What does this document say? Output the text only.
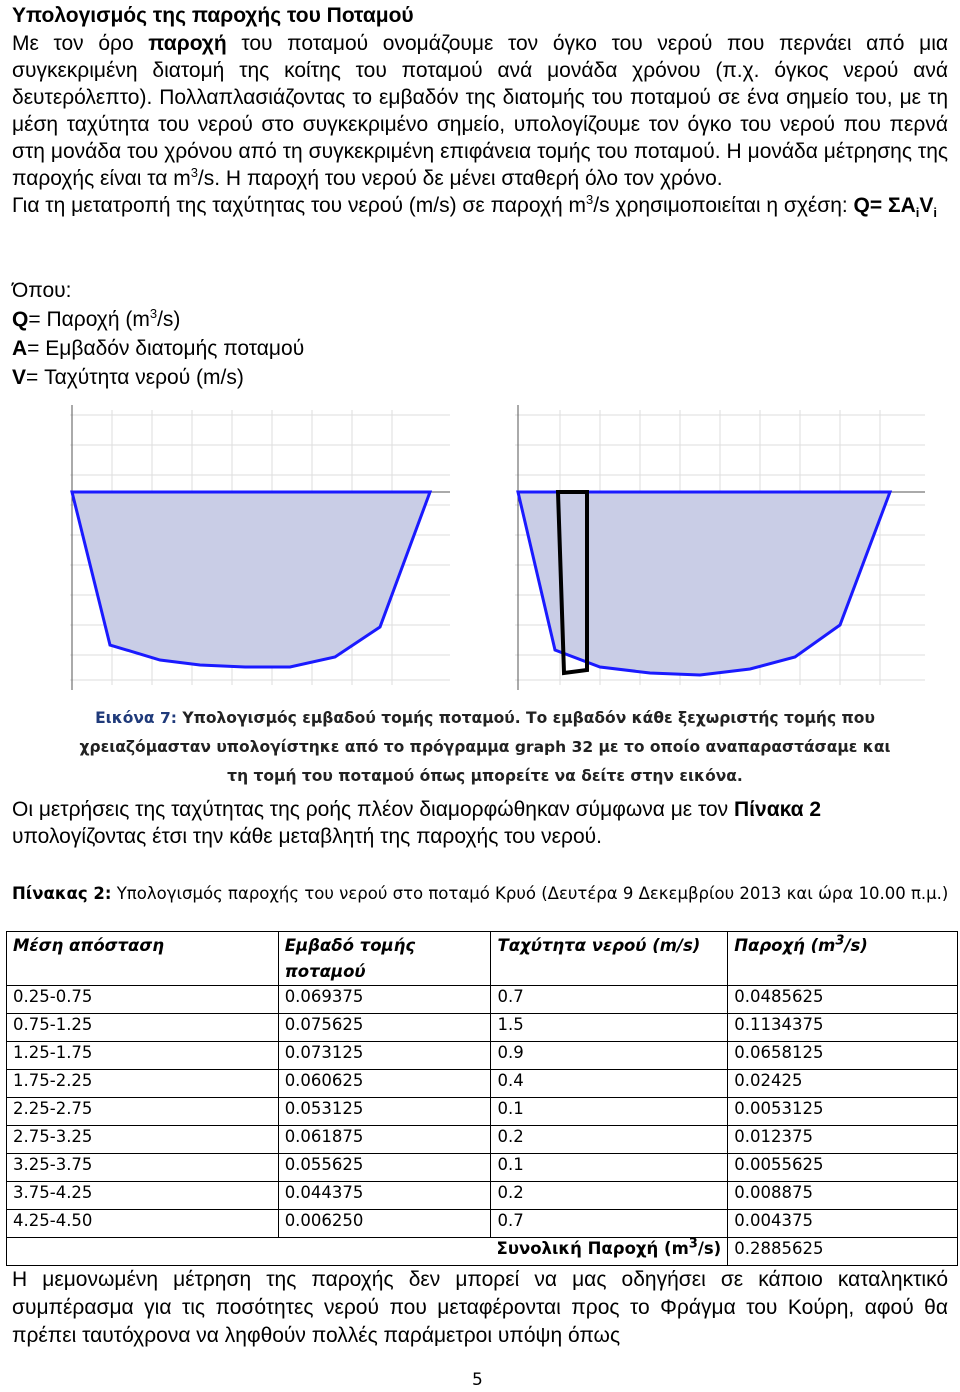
Υπολογισμός της παροχής του Ποταμού

Με τον όρο παροχή του ποταμού ονομάζουμε τον όγκο του νερού που περνάει από μια συγκεκριμένη διατομή της κοίτης του ποταμού ανά μονάδα χρόνου (π.χ. όγκος νερού ανά δευτερόλεπτο). Πολλαπλασιάζοντας το εμβαδόν της διατομής του ποταμού σε ένα σημείο του, με τη μέση ταχύτητα του νερού στο συγκεκριμένο σημείο, υπολογίζουμε τον όγκο του νερού που περνά στη μονάδα του χρόνου από τη συγκεκριμένη επιφάνεια τομής του ποταμού. Η μονάδα μέτρησης της παροχής είναι τα $m^3/s$. Η παροχή του νερού δε μένει σταθερή όλο τον χρόνο.

Για τη μετατροπή της ταχύτητας του νερού (m/s) σε παροχή $m^3/s$ χρησιμοποιείται η σχέση: $Q= \Sigma A_iV_i$

Όπου:
Q= Παροχή $(m^3/s)$
A= Εμβαδόν διατομής ποταμού
V= Ταχύτητα νερού (m/s)
Εικόνα 7: Υπολογισμός εμβαδού τομής ποταμού. Το εμβαδόν κάθε ξεχωριστής τομής που χρειαζόμασταν υπολογίστηκε από το πρόγραμμα graph 32 με το οποίο αναπαραστάσαμε και τη τομή του ποταμού όπως μπορείτε να δείτε στην εικόνα.
Οι μετρήσεις της ταχύτητας της ροής πλέον διαμορφώθηκαν σύμφωνα με τον Πίνακα 2 υπολογίζοντας έτσι την κάθε μεταβλητή της παροχής του νερού.
Πίνακας 2: Υπολογισμός παροχής του νερού στο ποταμό Κρυό (Δευτέρα 9 Δεκεμβρίου 2013 και ώρα 10.00 π.μ.)
Μέση απόσταση	Εμβαδό τομής ποταμού	Ταχύτητα νερού (m/s)	Παροχή $(m^3/s)$
0.25-0.75	0.069375	0.7	0.0485625
0.75-1.25	0.075625	1.5	0.1134375
1.25-1.75	0.073125	0.9	0.0658125
1.75-2.25	0.060625	0.4	0.02425
2.25-2.75	0.053125	0.1	0.0053125
2.75-3.25	0.061875	0.2	0.012375
3.25-3.75	0.055625	0.1	0.0055625
3.75-4.25	0.044375	0.2	0.008875
4.25-4.50	0.006250	0.7	0.004375
Συνολική Παροχή $(m^3/s)$			0.2885625
Η μεμονωμένη μέτρηση της παροχής δεν μπορεί να μας οδηγήσει σε κάποιο καταληκτικό συμπέρασμα για τις ποσότητες νερού που μεταφέρονται προς το Φράγμα του Κούρη, αφού θα πρέπει ταυτόχρονα να ληφθούν πολλές παράμετροι υπόψη όπως
5
